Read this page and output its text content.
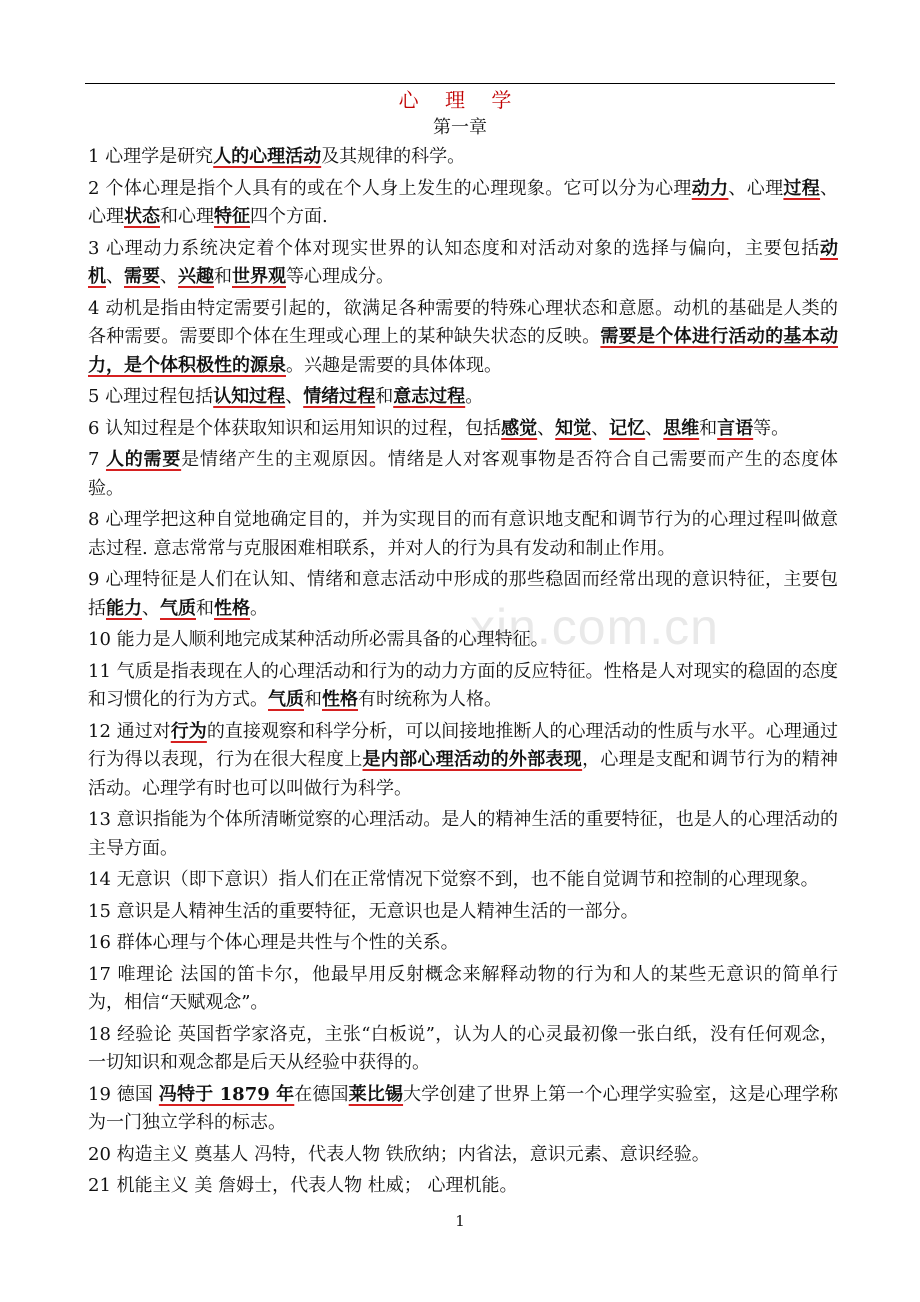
心 理 学
第一章
xin.com.cn

1 心理学是研究人的心理活动及其规律的科学。

2 个体心理是指个人具有的或在个人身上发生的心理现象。它可以分为心理动力、心理过程、心理状态和心理特征四个方面.

3 心理动力系统决定着个体对现实世界的认知态度和对活动对象的选择与偏向，主要包括动机、需要、兴趣和世界观等心理成分。

4 动机是指由特定需要引起的，欲满足各种需要的特殊心理状态和意愿。动机的基础是人类的各种需要。需要即个体在生理或心理上的某种缺失状态的反映。需要是个体进行活动的基本动力，是个体积极性的源泉。兴趣是需要的具体体现。

5 心理过程包括认知过程、情绪过程和意志过程。

6 认知过程是个体获取知识和运用知识的过程，包括感觉、知觉、记忆、思维和言语等。

7 人的需要是情绪产生的主观原因。情绪是人对客观事物是否符合自己需要而产生的态度体验。

8 心理学把这种自觉地确定目的，并为实现目的而有意识地支配和调节行为的心理过程叫做意志过程. 意志常常与克服困难相联系，并对人的行为具有发动和制止作用。

9 心理特征是人们在认知、情绪和意志活动中形成的那些稳固而经常出现的意识特征，主要包括能力、气质和性格。

10 能力是人顺利地完成某种活动所必需具备的心理特征。

11 气质是指表现在人的心理活动和行为的动力方面的反应特征。性格是人对现实的稳固的态度和习惯化的行为方式。气质和性格有时统称为人格。

12 通过对行为的直接观察和科学分析，可以间接地推断人的心理活动的性质与水平。心理通过行为得以表现，行为在很大程度上是内部心理活动的外部表现，心理是支配和调节行为的精神活动。心理学有时也可以叫做行为科学。

13 意识指能为个体所清晰觉察的心理活动。是人的精神生活的重要特征，也是人的心理活动的主导方面。

14 无意识（即下意识）指人们在正常情况下觉察不到，也不能自觉调节和控制的心理现象。

15 意识是人精神生活的重要特征，无意识也是人精神生活的一部分。

16 群体心理与个体心理是共性与个性的关系。

17 唯理论 法国的笛卡尔，他最早用反射概念来解释动物的行为和人的某些无意识的简单行为，相信“天赋观念”。

18 经验论 英国哲学家洛克，主张“白板说”，认为人的心灵最初像一张白纸，没有任何观念，一切知识和观念都是后天从经验中获得的。

19 德国 冯特于 1879 年在德国莱比锡大学创建了世界上第一个心理学实验室，这是心理学称为一门独立学科的标志。

20 构造主义 奠基人 冯特，代表人物 铁欣纳；内省法，意识元素、意识经验。

21 机能主义 美 詹姆士，代表人物 杜威； 心理机能。

1
